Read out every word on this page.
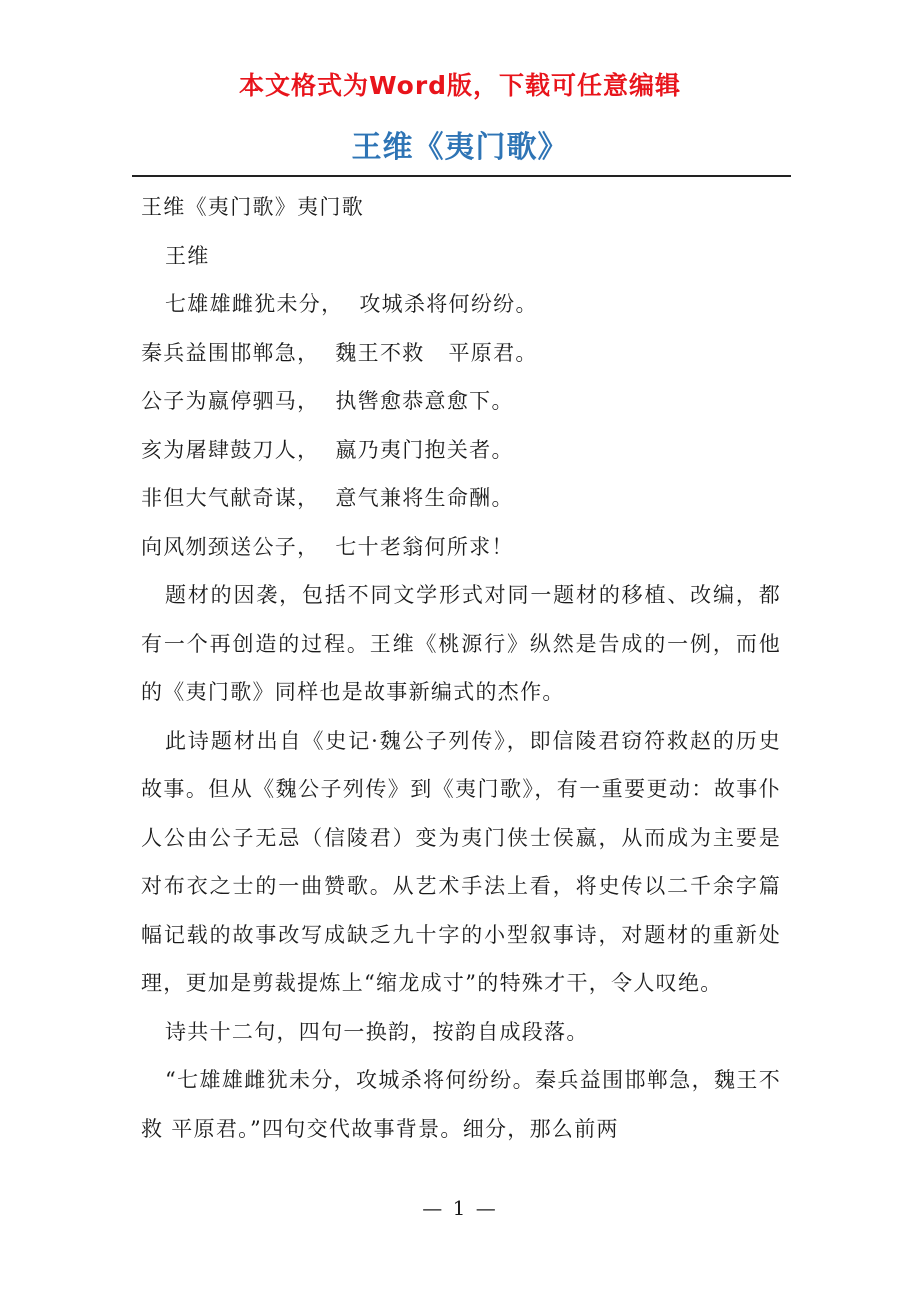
本文格式为Word版，下载可任意编辑
王维《夷门歌》
王维《夷门歌》夷门歌
王维
七雄雄雌犹未分，  攻城杀将何纷纷。
秦兵益围邯郸急，  魏王不救   平原君。
公子为嬴停驷马，  执辔愈恭意愈下。
亥为屠肆鼓刀人，  嬴乃夷门抱关者。
非但大气献奇谋，  意气兼将生命酬。
向风刎颈送公子，  七十老翁何所求！

题材的因袭，包括不同文学形式对同一题材的移植、改编，都有一个再创造的过程。王维《桃源行》纵然是告成的一例，而他的《夷门歌》同样也是故事新编式的杰作。

此诗题材出自《史记·魏公子列传》，即信陵君窃符救赵的历史故事。但从《魏公子列传》到《夷门歌》，有一重要更动：故事仆人公由公子无忌（信陵君）变为夷门侠士侯嬴，从而成为主要是对布衣之士的一曲赞歌。从艺术手法上看，将史传以二千余字篇幅记载的故事改写成缺乏九十字的小型叙事诗，对题材的重新处理，更加是剪裁提炼上“缩龙成寸”的特殊才干，令人叹绝。

诗共十二句，四句一换韵，按韵自成段落。

“七雄雄雌犹未分，攻城杀将何纷纷。秦兵益围邯郸急，魏王不救 平原君。”四句交代故事背景。细分，那么前两

— 1 —
